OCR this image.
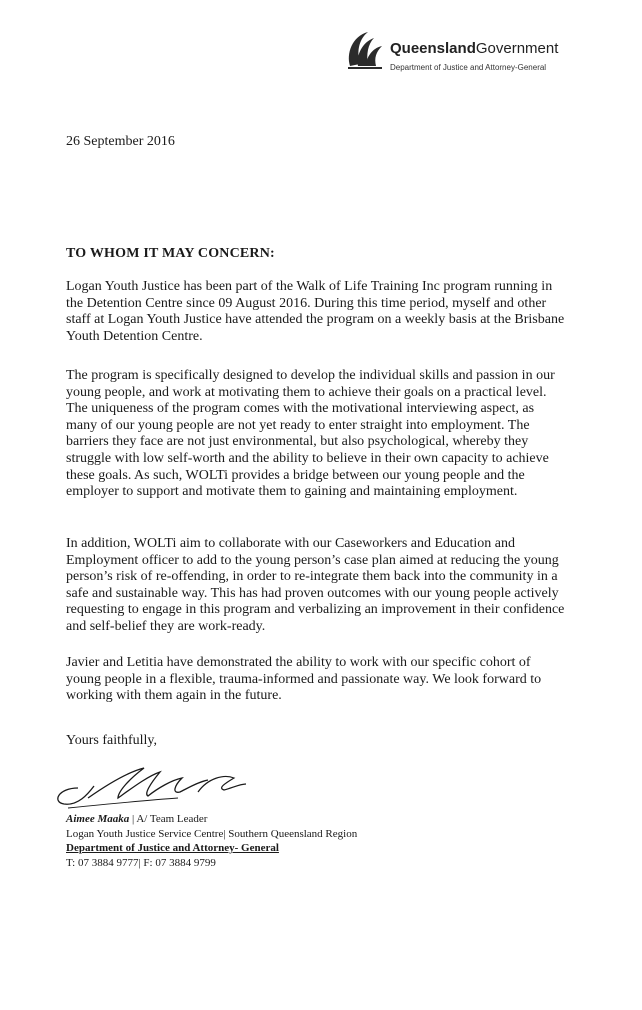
QueenslandGovernment
Department of Justice and Attorney-General
26 September 2016
TO WHOM IT MAY CONCERN:

Logan Youth Justice has been part of the Walk of Life Training Inc program running in the Detention Centre since 09 August 2016. During this time period, myself and other staff at Logan Youth Justice have attended the program on a weekly basis at the Brisbane Youth Detention Centre.

The program is specifically designed to develop the individual skills and passion in our young people, and work at motivating them to achieve their goals on a practical level. The uniqueness of the program comes with the motivational interviewing aspect, as many of our young people are not yet ready to enter straight into employment. The barriers they face are not just environmental, but also psychological, whereby they struggle with low self-worth and the ability to believe in their own capacity to achieve these goals. As such, WOLTi provides a bridge between our young people and the employer to support and motivate them to gaining and maintaining employment.

In addition, WOLTi aim to collaborate with our Caseworkers and Education and Employment officer to add to the young person’s case plan aimed at reducing the young person’s risk of re-offending, in order to re-integrate them back into the community in a safe and sustainable way. This has had proven outcomes with our young people actively requesting to engage in this program and verbalizing an improvement in their confidence and self-belief they are work-ready.

Javier and Letitia have demonstrated the ability to work with our specific cohort of young people in a flexible, trauma-informed and passionate way. We look forward to working with them again in the future.

Yours faithfully,
Aimee Maaka | A/ Team Leader
Logan Youth Justice Service Centre| Southern Queensland Region
Department of Justice and Attorney- General
T: 07 3884 9777| F: 07 3884 9799
